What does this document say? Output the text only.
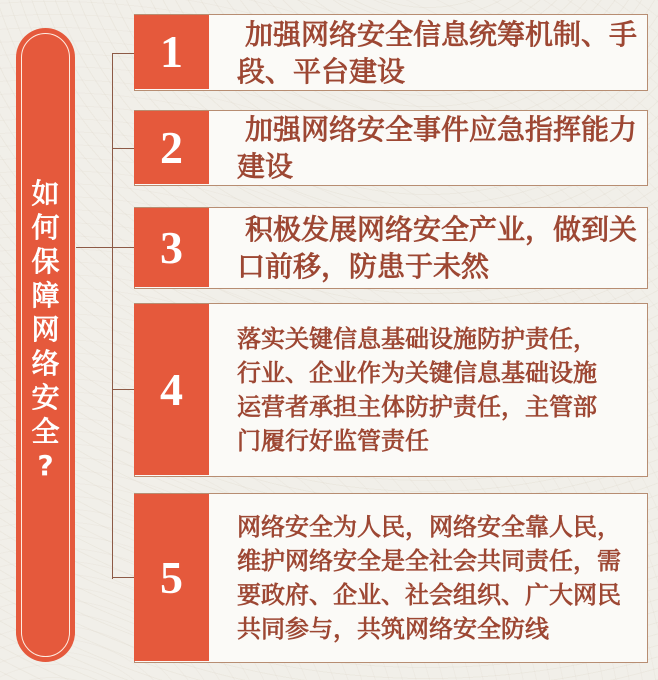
如
何
保
障
网
络
安
全
?
1 加强网络安全信息统筹机制、手
段、平台建设
2 加强网络安全事件应急指挥能力
建设
3 积极发展网络安全产业，做到关
口前移，防患于未然
4
落实关键信息基础设施防护责任，
行业、企业作为关键信息基础设施
运营者承担主体防护责任，主管部
门履行好监管责任
5
网络安全为人民，网络安全靠人民，
维护网络安全是全社会共同责任，需
要政府、企业、社会组织、广大网民
共同参与，共筑网络安全防线
